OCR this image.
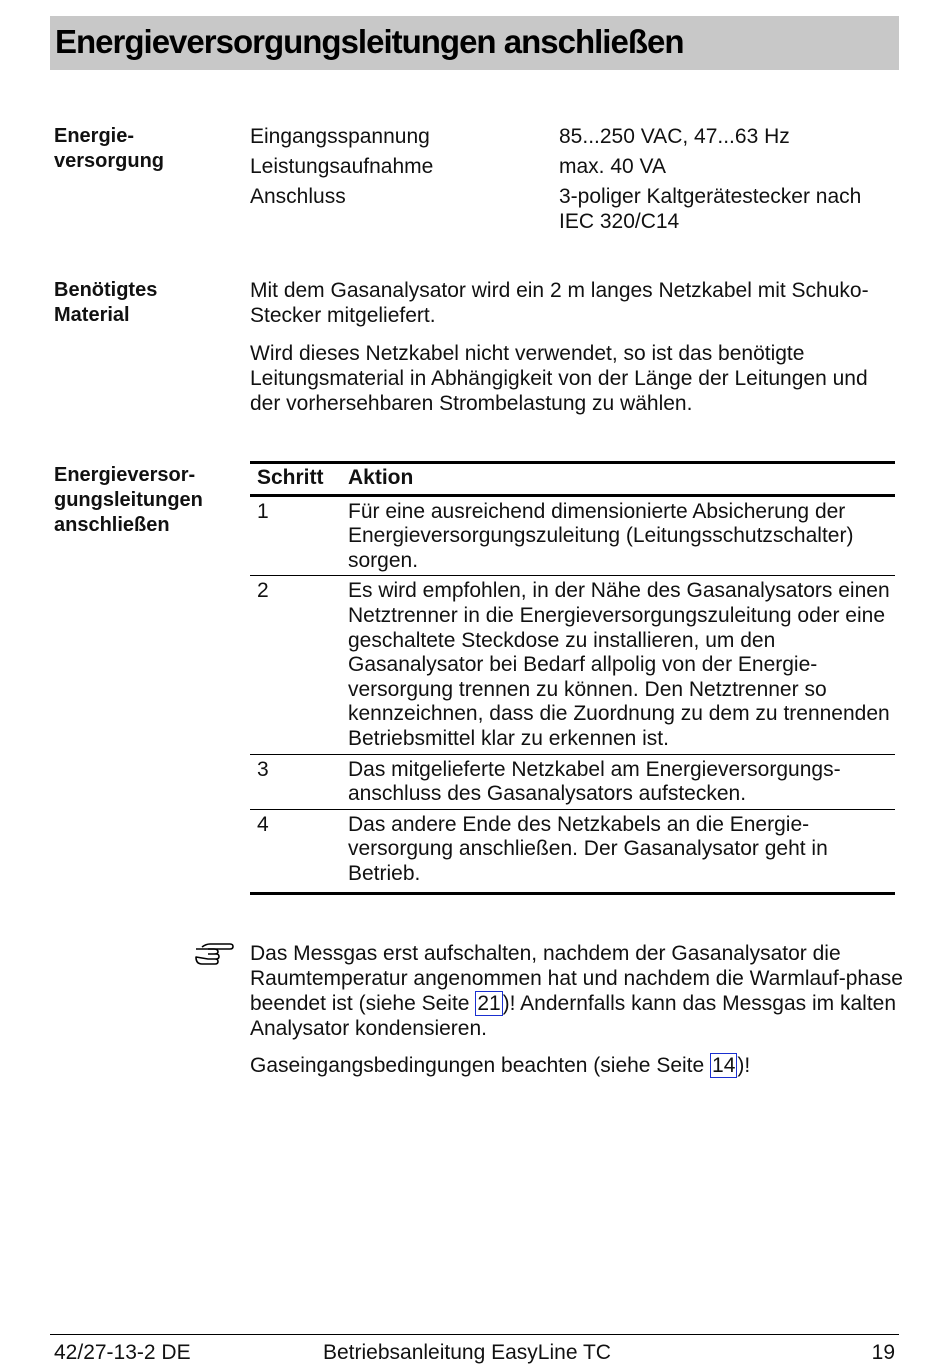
Energieversorgungsleitungen anschließen
Energie-
versorgung
Eingangsspannung	85...250 VAC, 47...63 Hz
Leistungsaufnahme	max. 40 VA
Anschluss	3-poliger Kaltgerätestecker nach IEC 320/C14
Benötigtes
Material

Mit dem Gasanalysator wird ein 2 m langes Netzkabel mit Schuko-Stecker mitgeliefert.

Wird dieses Netzkabel nicht verwendet, so ist das benötigte Leitungsmaterial in Abhängigkeit von der Länge der Leitungen und der vorhersehbaren Strombelastung zu wählen.

Energieversor-
gungsleitungen
anschließen
Schritt	Aktion
1	Für eine ausreichend dimensionierte Absicherung der Energieversorgungszuleitung (Leitungsschutzschalter) sorgen.
2	Es wird empfohlen, in der Nähe des Gasanalysators einen Netztrenner in die Energieversorgungszuleitung oder eine geschaltete Steckdose zu installieren, um den Gasanalysator bei Bedarf allpolig von der Energie-versorgung trennen zu können. Den Netztrenner so kennzeichnen, dass die Zuordnung zu dem zu trennenden Betriebsmittel klar zu erkennen ist.
3	Das mitgelieferte Netzkabel am Energieversorgungs-anschluss des Gasanalysators aufstecken.
4	Das andere Ende des Netzkabels an die Energie-versorgung anschließen. Der Gasanalysator geht in Betrieb.

Das Messgas erst aufschalten, nachdem der Gasanalysator die Raumtemperatur angenommen hat und nachdem die Warmlauf-phase beendet ist (siehe Seite 21)! Andernfalls kann das Messgas im kalten Analysator kondensieren.

Gaseingangsbedingungen beachten (siehe Seite 14)!

42/27-13-2 DE	Betriebsanleitung EasyLine TC	19
